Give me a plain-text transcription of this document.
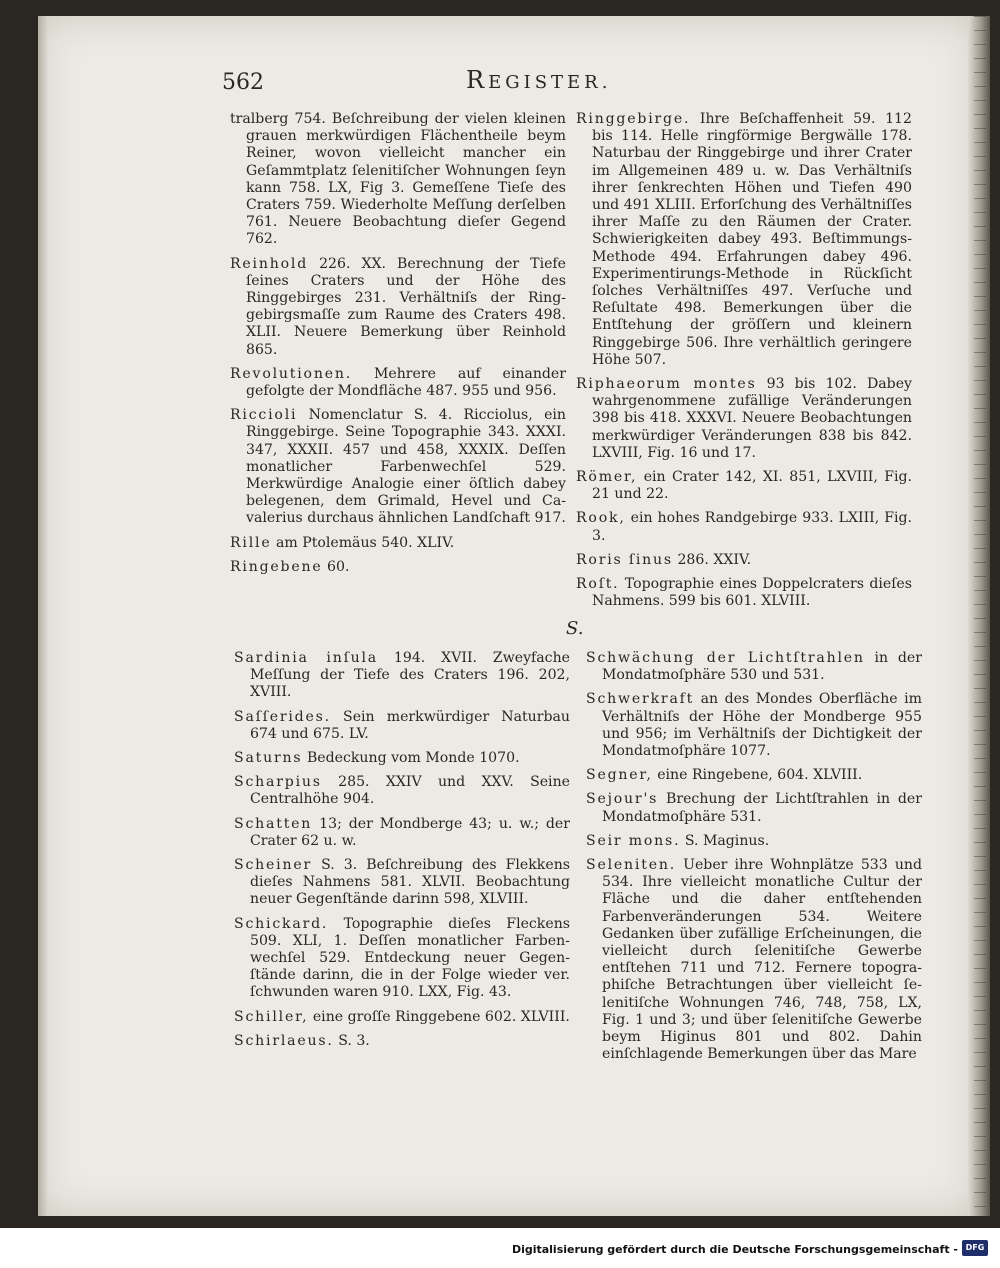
562	REGISTER.
tralberg 754. Beſchreibung der vielen kleinen grauen merkwürdigen Flächentheile beym Reiner, wovon vielleicht mancher ein Geſammtplatz ſelenitiſcher Wohnungen ſeyn kann 758. LX, Fig 3. Gemeſſene Tieſe des Craters 759. Wiederholte Meſſung derſelben 761. Neuere Beobachtung dieſer Gegend 762.
Reinhold 226. XX. Berechnung der Tiefe ſeines Craters und der Höhe des Ringgebirges 231. Verhältniſs der Ringgebirgsmaſſe zum Raume des Craters 498. XLII. Neuere Bemerkung über Reinhold 865.
Revolutionen. Mehrere auf einander gefolgte der Mondfläche 487. 955 und 956.
Riccioli Nomenclatur S. 4. Ricciolus, ein Ringgebirge. Seine Topographie 343. XXXI. 347, XXXII. 457 und 458, XXXIX. Deſſen monatlicher Farbenwechſel 529. Merkwürdige Analogie einer öſtlich dabey belegenen, dem Grimald, Hevel und Cavalerius durchaus ähnlichen Landſchaft 917.
Rille am Ptolemäus 540. XLIV.
Ringebene 60.
Ringgebirge. Ihre Beſchaffenheit 59. 112 bis 114. Helle ringförmige Bergwälle 178. Naturbau der Ringgebirge und ihrer Crater im Allgemeinen 489 u. w. Das Verhältniſs ihrer ſenkrechten Höhen und Tiefen 490 und 491 XLIII. Erforſchung des Verhältniſſes ihrer Maſſe zu den Räumen der Crater. Schwierigkeiten dabey 493. Beſtimmungs-Methode 494. Erfahrungen dabey 496. Experimentirungs-Methode in Rückſicht ſolches Verhältniſſes 497. Verſuche und Reſultate 498. Bemerkungen über die Entſtehung der gröſſern und kleinern Ringgebirge 506. Ihre verhältlich geringere Höhe 507.
Riphaeorum montes 93 bis 102. Dabey wahrgenommene zufällige Veränderungen 398 bis 418. XXXVI. Neuere Beobachtungen merkwürdiger Veränderungen 838 bis 842. LXVIII, Fig. 16 und 17.
Römer, ein Crater 142, XI. 851, LXVIII, Fig. 21 und 22.
Rook, ein hohes Randgebirge 933. LXIII, Fig. 3.
Roris ſinus 286. XXIV.
Roſt. Topographie eines Doppelcraters dieſes Nahmens. 599 bis 601. XLVIII.
S.
Sardinia inſula 194. XVII. Zweyfache Meſſung der Tiefe des Craters 196. 202, XVIII.
Saſſerides. Sein merkwürdiger Naturbau 674 und 675. LV.
Saturns Bedeckung vom Monde 1070.
Scharpius 285. XXIV und XXV. Seine Centralhöhe 904.
Schatten 13; der Mondberge 43; u. w.; der Crater 62 u. w.
Scheiner S. 3. Beſchreibung des Flekkens dieſes Nahmens 581. XLVII. Beobachtung neuer Gegenſtände darinn 598, XLVIII.
Schickard. Topographie dieſes Fleckens 509. XLI, 1. Deſſen monatlicher Farbenwechſel 529. Entdeckung neuer Gegenſtände darinn, die in der Folge wieder ver. ſchwunden waren 910. LXX, Fig. 43.
Schiller, eine groſſe Ringgebene 602. XLVIII.
Schirlaeus. S. 3.
Schwächung der Lichtſtrahlen in der Mondatmoſphäre 530 und 531.
Schwerkraft an des Mondes Oberfläche im Verhältniſs der Höhe der Mondberge 955 und 956; im Verhältniſs der Dichtigkeit der Mondatmoſphäre 1077.
Segner, eine Ringebene, 604. XLVIII.
Sejour's Brechung der Lichtſtrahlen in der Mondatmoſphäre 531.
Seir mons. S. Maginus.
Seleniten. Ueber ihre Wohnplätze 533 und 534. Ihre vielleicht monatliche Cultur der Fläche und die daher entſtehenden Farbenveränderungen 534. Weitere Gedanken über zufällige Erſcheinungen, die vielleicht durch ſelenitiſche Gewerbe entſtehen 711 und 712. Fernere topographiſche Betrachtungen über vielleicht ſelenitiſche Wohnungen 746, 748, 758, LX, Fig. 1 und 3; und über ſelenitiſche Gewerbe beym Higinus 801 und 802. Dahin einſchlagende Bemerkungen über das Mare
Digitalisierung gefördert durch die Deutsche Forschungsgemeinschaft - DFG
